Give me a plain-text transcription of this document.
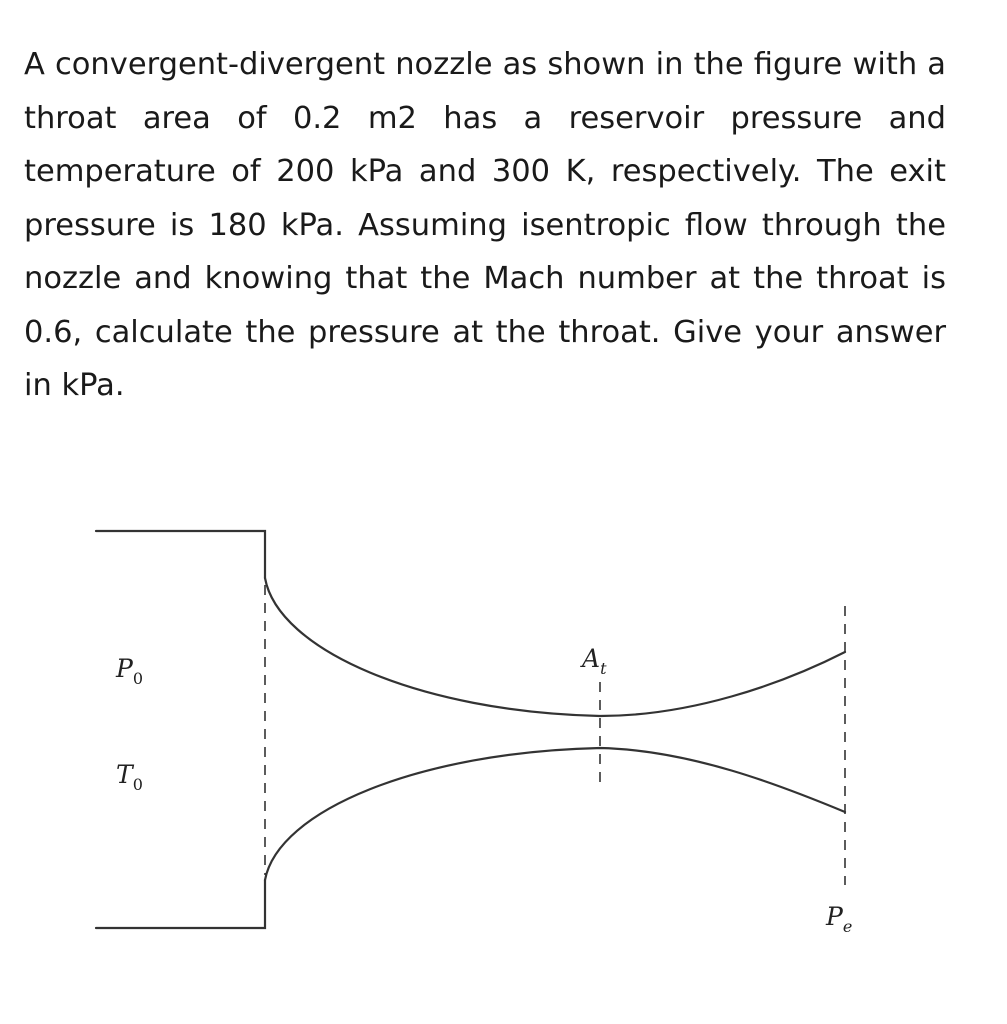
A convergent-divergent nozzle as shown in the figure with a throat area of 0.2 m2 has a reservoir pressure and temperature of 200 kPa and 300 K, respectively. The exit pressure is 180 kPa. Assuming isentropic flow through the nozzle and knowing that the Mach number at the throat is 0.6, calculate the pressure at the throat. Give your answer in kPa.

$P_0$
$T_0$
$A_t$
$P_e$
